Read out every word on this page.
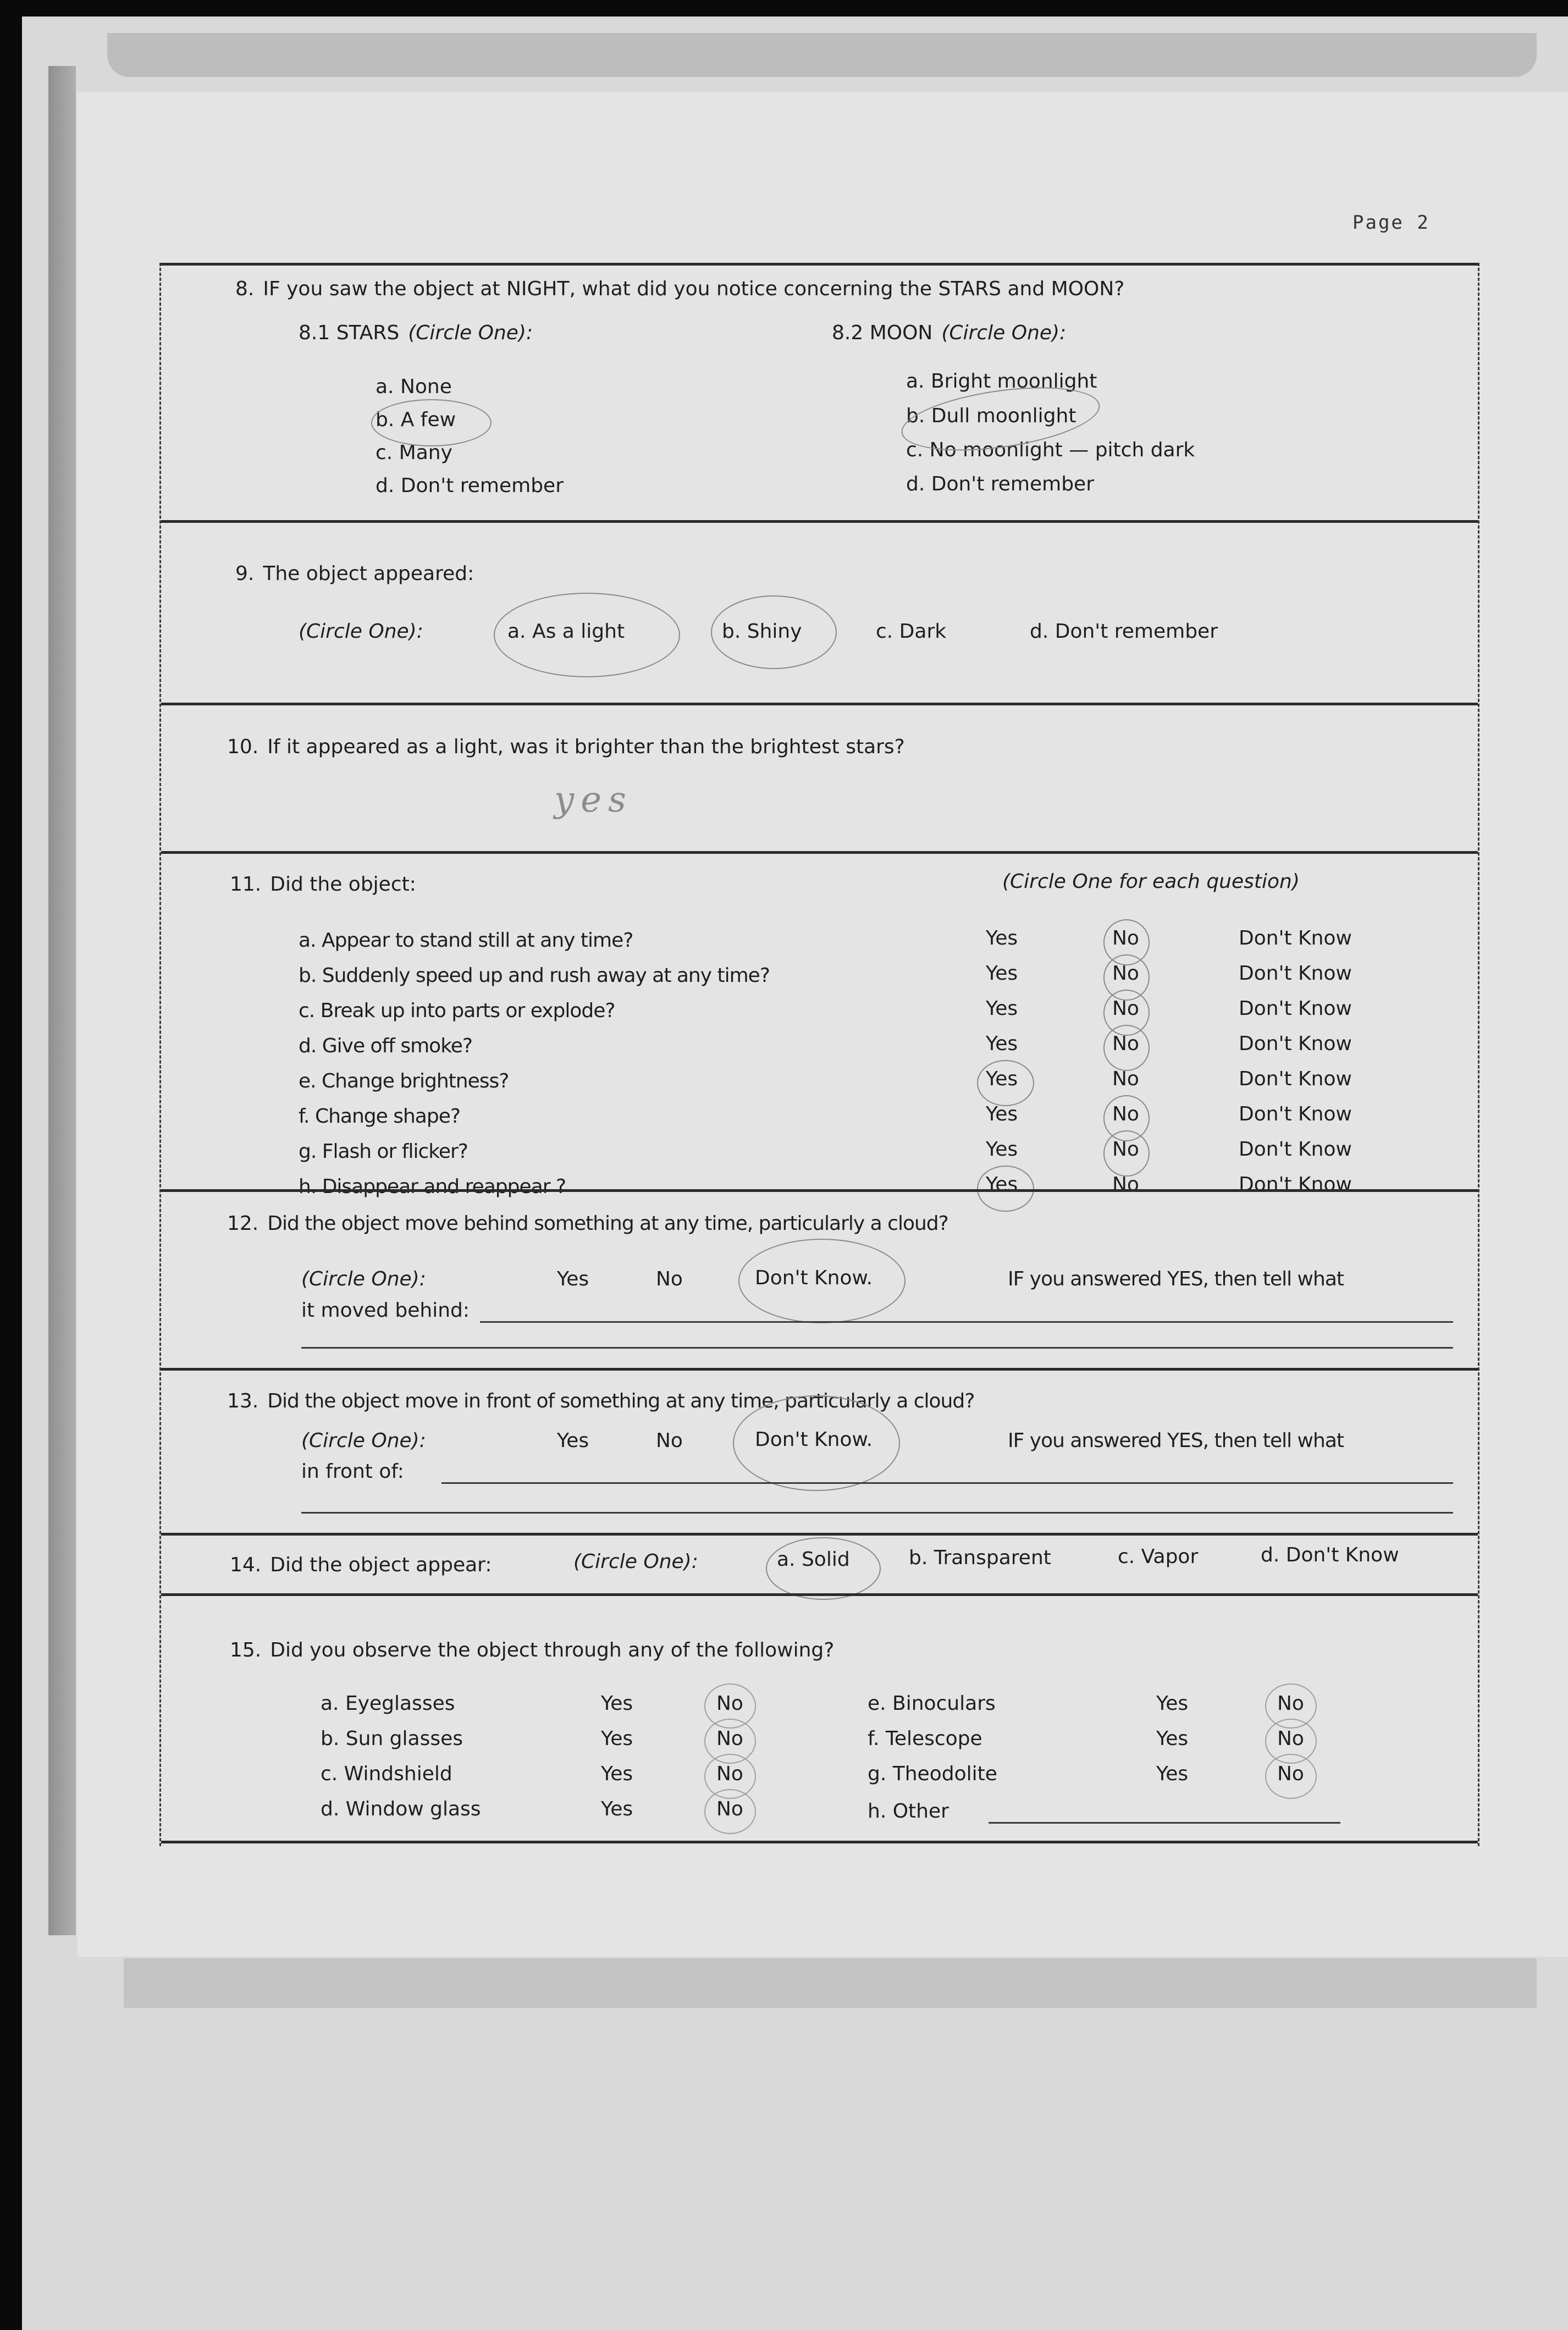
Page 2
8. IF you saw the object at NIGHT, what did you notice concerning the STARS and MOON?
8.1 STARS (Circle One):	8.2 MOON (Circle One):
a. None
b. A few
c. Many
d. Don't remember
a. Bright moonlight
b. Dull moonlight
c. No moonlight — pitch dark
d. Don't remember
9. The object appeared:
(Circle One):	a. As a light	b. Shiny	c. Dark	d. Don't remember
10. If it appeared as a light, was it brighter than the brightest stars?
yes
11. Did the object:	(Circle One for each question)
a. Appear to stand still at any time?	Yes	No	Don't Know
b. Suddenly speed up and rush away at any time?	Yes	No	Don't Know
c. Break up into parts or explode?	Yes	No	Don't Know
d. Give off smoke?	Yes	No	Don't Know
e. Change brightness?	Yes	No	Don't Know
f. Change shape?	Yes	No	Don't Know
g. Flash or flicker?	Yes	No	Don't Know
h. Disappear and reappear ?	Yes	No	Don't Know
12. Did the object move behind something at any time, particularly a cloud?
(Circle One):	Yes	No	Don't Know.	IF you answered YES, then tell what
it moved behind:
13. Did the object move in front of something at any time, particularly a cloud?
(Circle One):	Yes	No	Don't Know.	IF you answered YES, then tell what
in front of:
14. Did the object appear:	(Circle One):	a. Solid	b. Transparent	c. Vapor	d. Don't Know
15. Did you observe the object through any of the following?
a. Eyeglasses	Yes	No
b. Sun glasses	Yes	No
c. Windshield	Yes	No
d. Window glass	Yes	No
e. Binoculars	Yes	No
f. Telescope	Yes	No
g. Theodolite	Yes	No
h. Other
